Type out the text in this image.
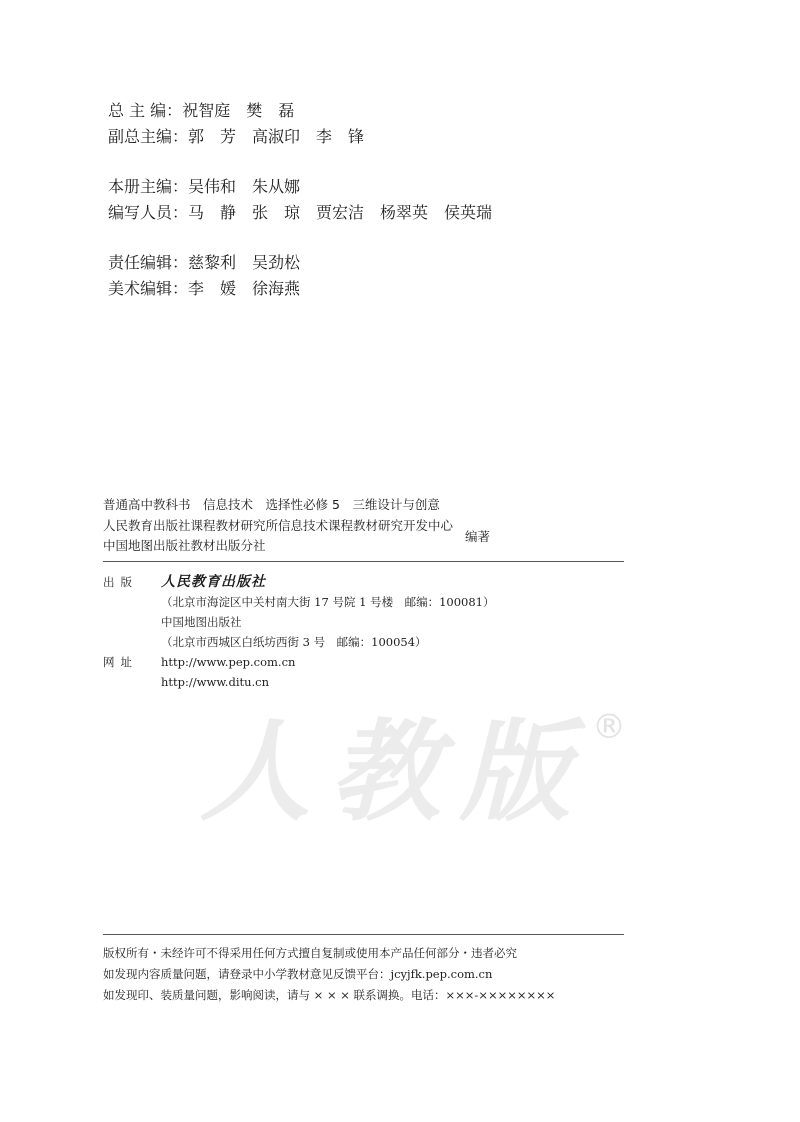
总 主 编： 祝智庭　樊　磊
副总主编： 郭　芳　高淑印　李　锋
本册主编： 吴伟和　朱从娜
编写人员： 马　静　张　琼　贾宏洁　杨翠英　侯英瑞
责任编辑： 慈黎利　吴劲松
美术编辑： 李　媛　徐海燕
普通高中教科书　信息技术　选择性必修 5　三维设计与创意
人民教育出版社课程教材研究所信息技术课程教材研究开发中心
中国地图出版社教材出版分社
编著
出版 人民教育出版社
（北京市海淀区中关村南大街 17 号院 1 号楼　邮编：100081）
中国地图出版社
（北京市西城区白纸坊西街 3 号　邮编：100054）
网址 http://www.pep.com.cn
http://www.ditu.cn
人教版 ®
版权所有・未经许可不得采用任何方式擅自复制或使用本产品任何部分・违者必究
如发现内容质量问题，请登录中小学教材意见反馈平台：jcyjfk.pep.com.cn
如发现印、装质量问题，影响阅读，请与 × × × 联系调换。电话：×××-××××××××
